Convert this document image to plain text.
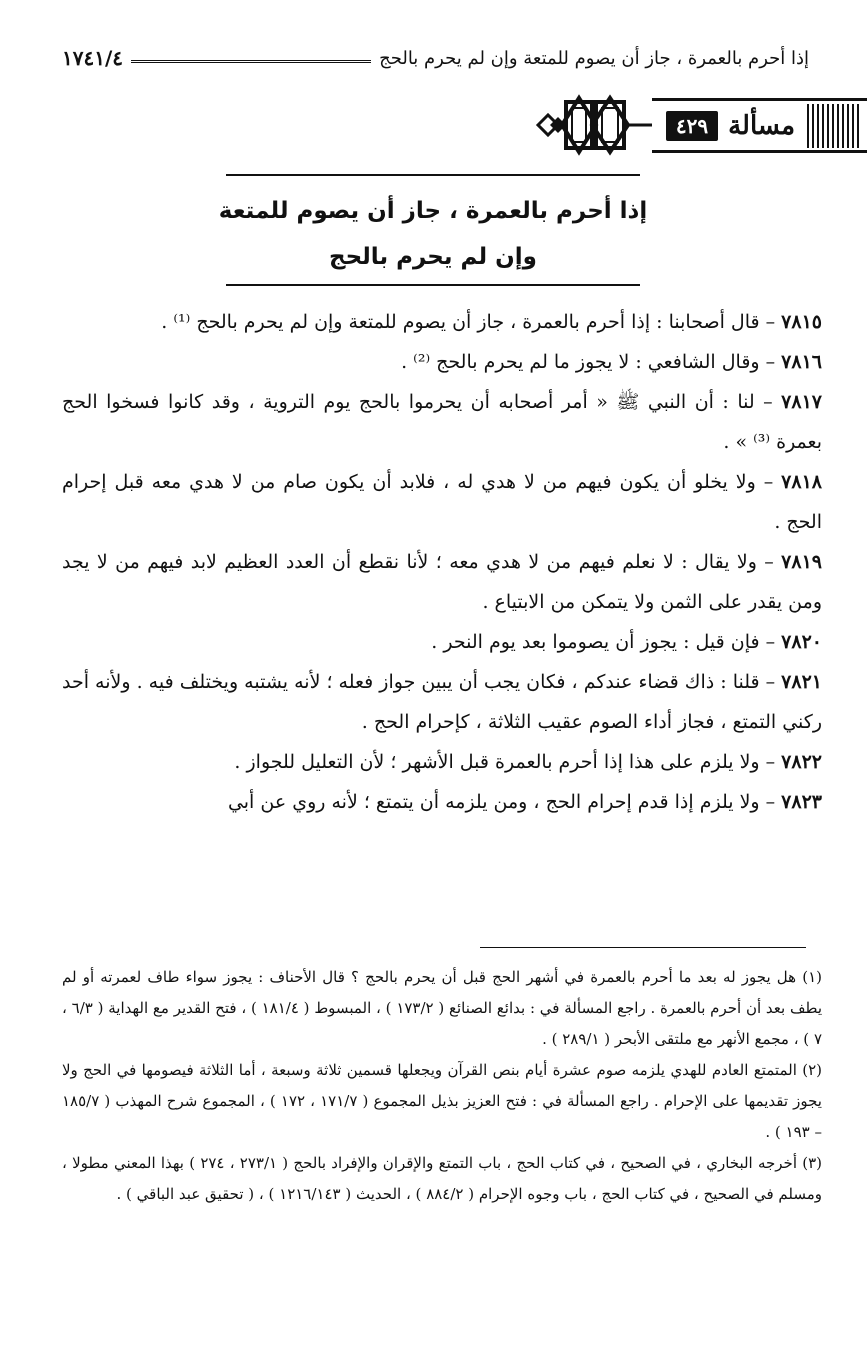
إذا أحرم بالعمرة ، جاز أن يصوم للمتعة وإن لم يحرم بالحج
١٧٤١/٤
مسألة
٤٢٩
إذا أحرم بالعمرة ، جاز أن يصوم للمتعة
وإن لم يحرم بالحج

٧٨١٥ – قال أصحابنا : إذا أحرم بالعمرة ، جاز أن يصوم للمتعة وإن لم يحرم بالحج ⁽¹⁾ .

٧٨١٦ – وقال الشافعي : لا يجوز ما لم يحرم بالحج ⁽²⁾ .

٧٨١٧ – لنا : أن النبي ﷺ « أمر أصحابه أن يحرموا بالحج يوم التروية ، وقد كانوا فسخوا الحج بعمرة ⁽³⁾ » .

٧٨١٨ – ولا يخلو أن يكون فيهم من لا هدي له ، فلابد أن يكون صام من لا هدي معه قبل إحرام الحج .

٧٨١٩ – ولا يقال : لا نعلم فيهم من لا هدي معه ؛ لأنا نقطع أن العدد العظيم لابد فيهم من لا يجد ومن يقدر على الثمن ولا يتمكن من الابتياع .

٧٨٢٠ – فإن قيل : يجوز أن يصوموا بعد يوم النحر .

٧٨٢١ – قلنا : ذاك قضاء عندكم ، فكان يجب أن يبين جواز فعله ؛ لأنه يشتبه ويختلف فيه . ولأنه أحد ركني التمتع ، فجاز أداء الصوم عقيب الثلاثة ، كإحرام الحج .

٧٨٢٢ – ولا يلزم على هذا إذا أحرم بالعمرة قبل الأشهر ؛ لأن التعليل للجواز .

٧٨٢٣ – ولا يلزم إذا قدم إحرام الحج ، ومن يلزمه أن يتمتع ؛ لأنه روي عن أبي

(١) هل يجوز له بعد ما أحرم بالعمرة في أشهر الحج قبل أن يحرم بالحج ؟ قال الأحناف : يجوز سواء طاف لعمرته أو لم يطف بعد أن أحرم بالعمرة . راجع المسألة في : بدائع الصنائع ( ١٧٣/٢ ) ، المبسوط ( ١٨١/٤ ) ، فتح القدير مع الهداية ( ٦/٣ ، ٧ ) ، مجمع الأنهر مع ملتقى الأبحر ( ٢٨٩/١ ) .

(٢) المتمتع العادم للهدي يلزمه صوم عشرة أيام بنص القرآن ويجعلها قسمين ثلاثة وسبعة ، أما الثلاثة فيصومها في الحج ولا يجوز تقديمها على الإحرام . راجع المسألة في : فتح العزيز بذيل المجموع ( ١٧١/٧ ، ١٧٢ ) ، المجموع شرح المهذب ( ١٨٥/٧ – ١٩٣ ) .

(٣) أخرجه البخاري ، في الصحيح ، في كتاب الحج ، باب التمتع والإقران والإفراد بالحج ( ٢٧٣/١ ، ٢٧٤ ) بهذا المعني مطولا ، ومسلم في الصحيح ، في كتاب الحج ، باب وجوه الإحرام ( ٨٨٤/٢ ) ، الحديث ( ١٢١٦/١٤٣ ) ، ( تحقيق عبد الباقي ) .
